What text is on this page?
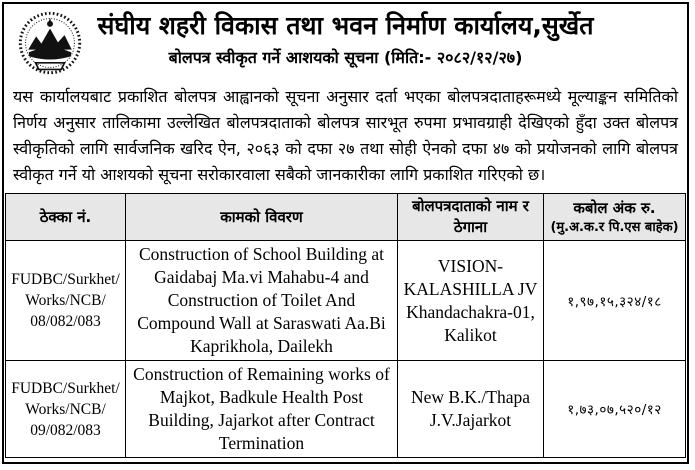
संघीय शहरी विकास तथा भवन निर्माण कार्यालय,सुर्खेत
बोलपत्र स्वीकृत गर्ने आशयको सूचना (मिति:- २०८२/१२/२७)

यस कार्यालयबाट प्रकाशित बोलपत्र आह्वानको सूचना अनुसार दर्ता भएका बोलपत्रदाताहरूमध्ये मूल्याङ्कन समितिको निर्णय अनुसार तालिकामा उल्लेखित बोलपत्रदाताको बोलपत्र सारभूत रुपमा प्रभावग्राही देखिएको हुँदा उक्त बोलपत्र स्वीकृतिको लागि सार्वजनिक खरिद ऐन, २०६३ को दफा २७ तथा सोही ऐनको दफा ४७ को प्रयोजनको लागि बोलपत्र स्वीकृत गर्ने यो आशयको सूचना सरोकारवाला सबैको जानकारीका लागि प्रकाशित गरिएको छ।

ठेक्का नं.	कामको विवरण	बोलपत्रदाताको नाम र ठेगाना	कबोल अंक रु.
(मु.अ.क.र पि.एस बाहेक)

FUDBC/Surkhet/
Works/NCB/
08/082/083	Construction of School Building at Gaidabaj Ma.vi Mahabu-4 and Construction of Toilet And Compound Wall at Saraswati Aa.Bi Kaprikhola, Dailekh	VISION-KALASHILLA JV Khandachakra-01, Kalikot	१,९७,१५,३२४/१८

FUDBC/Surkhet/
Works/NCB/
09/082/083	Construction of Remaining works of Majkot, Badkule Health Post Building, Jajarkot after Contract Termination	New B.K./Thapa J.V.Jajarkot	१,७३,०७,५२०/१२
